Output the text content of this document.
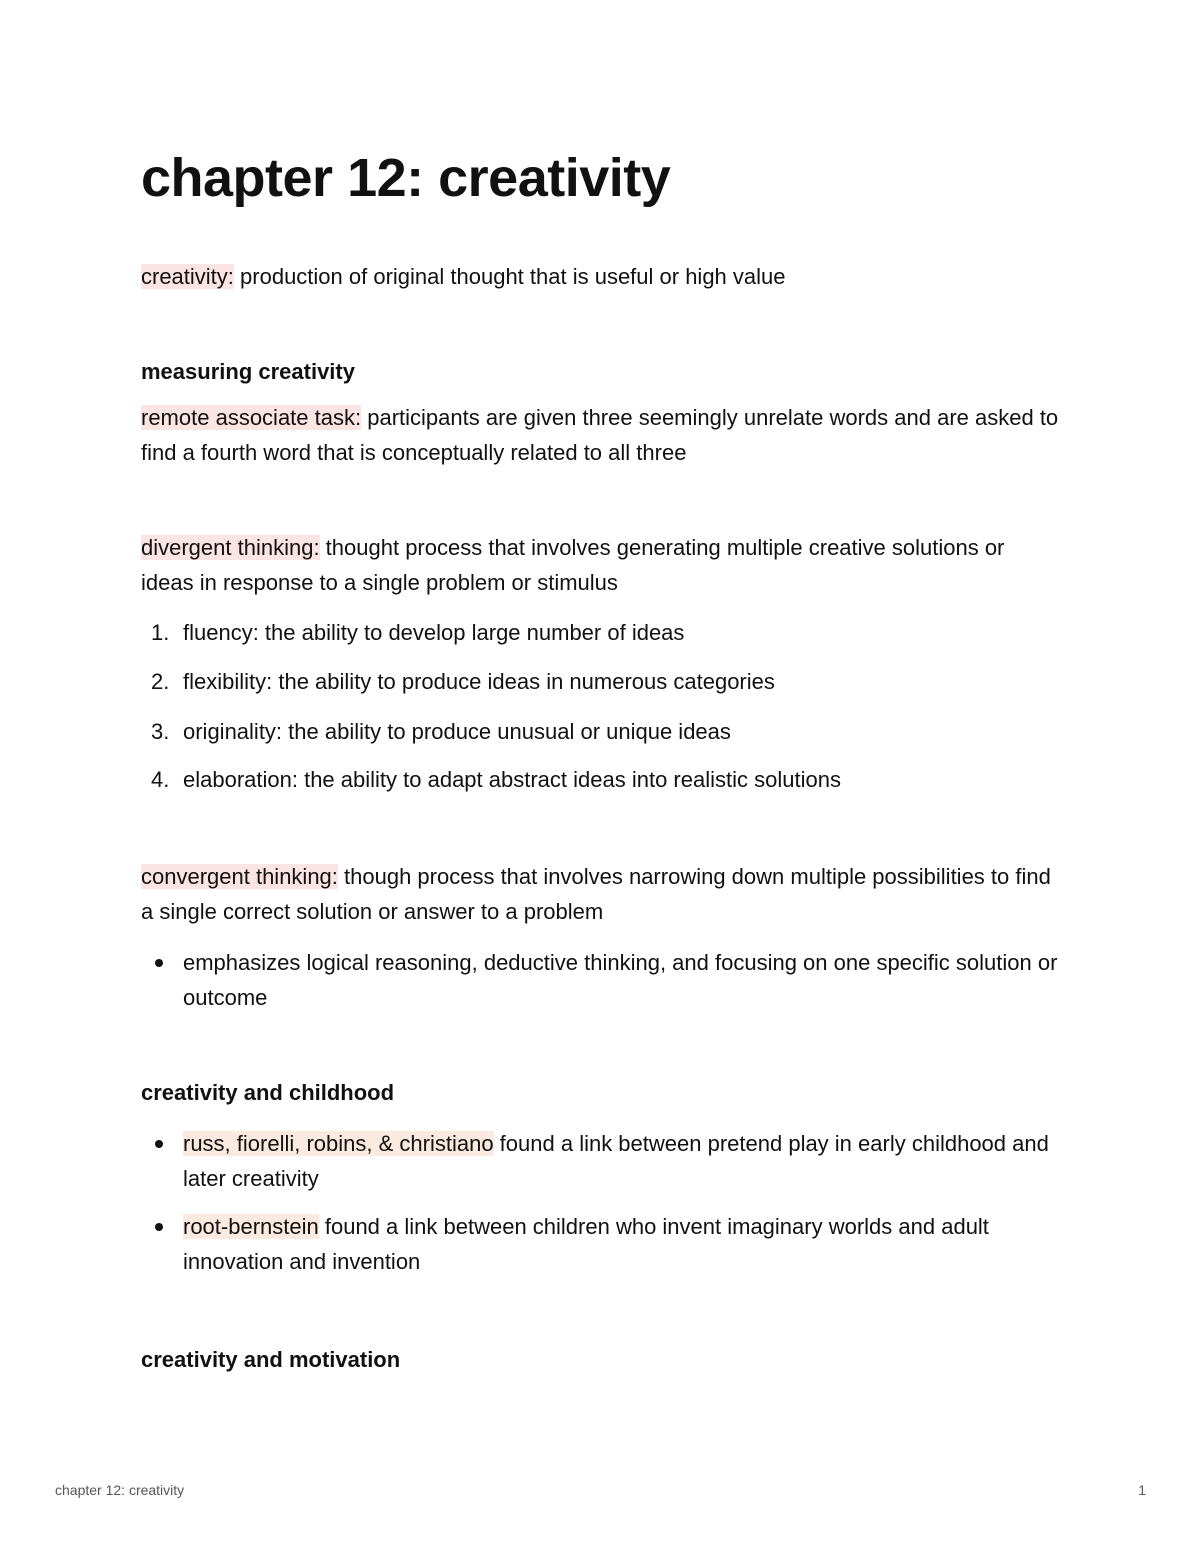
chapter 12: creativity

creativity: production of original thought that is useful or high value

measuring creativity

remote associate task: participants are given three seemingly unrelate words and are asked to find a fourth word that is conceptually related to all three

divergent thinking: thought process that involves generating multiple creative solutions or ideas in response to a single problem or stimulus

1. fluency: the ability to develop large number of ideas
2. flexibility: the ability to produce ideas in numerous categories
3. originality: the ability to produce unusual or unique ideas
4. elaboration: the ability to adapt abstract ideas into realistic solutions

convergent thinking: though process that involves narrowing down multiple possibilities to find a single correct solution or answer to a problem

emphasizes logical reasoning, deductive thinking, and focusing on one specific solution or outcome
creativity and childhood
russ, fiorelli, robins, & christiano found a link between pretend play in early childhood and later creativity
root-bernstein found a link between children who invent imaginary worlds and adult innovation and invention
creativity and motivation
chapter 12: creativity	1
